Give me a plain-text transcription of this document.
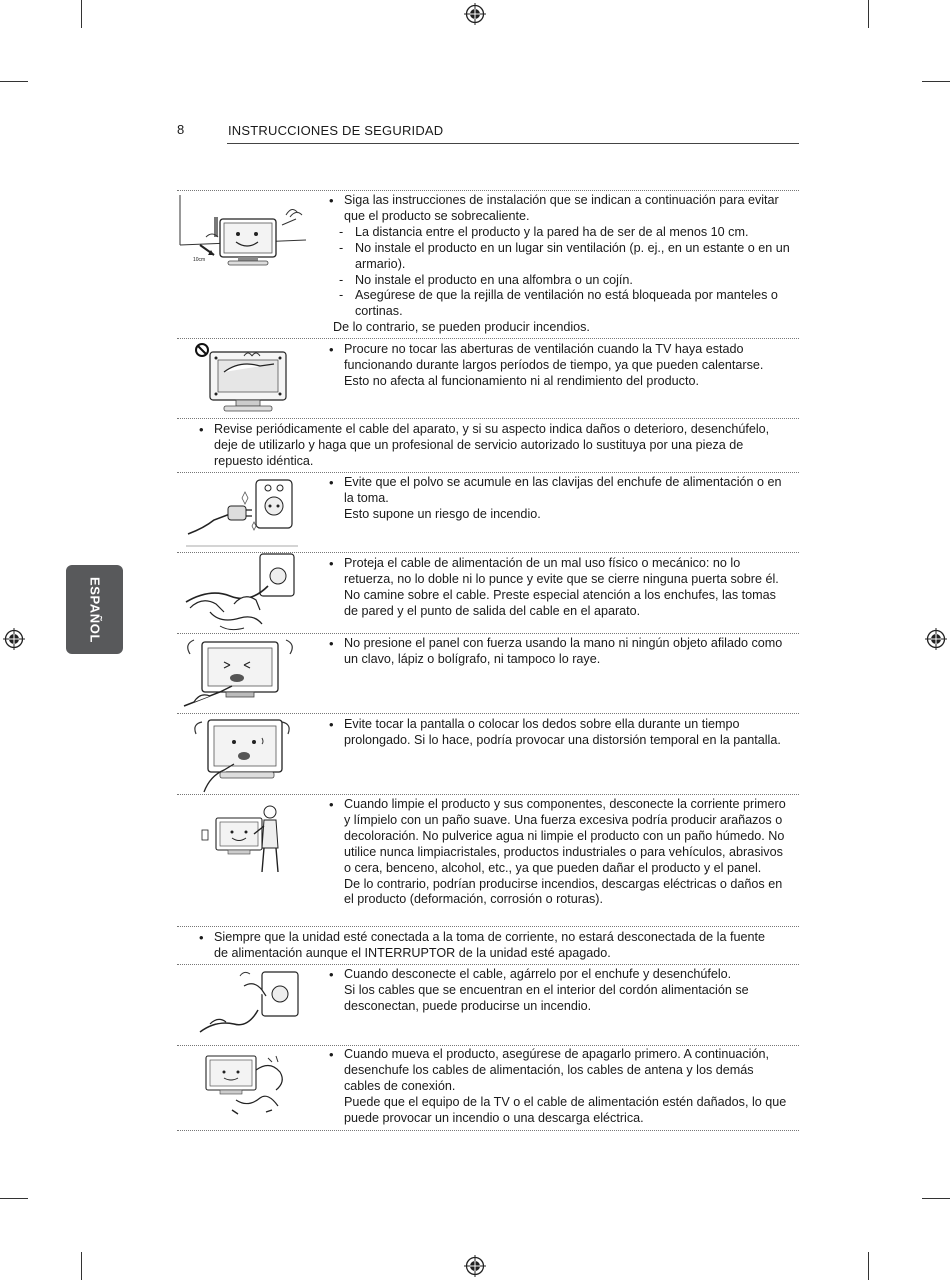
8	INSTRUCCIONES DE SEGURIDAD
ESPAÑOL
10cm
• Siga las instrucciones de instalación que se indican a continuación para evitar que el producto se sobrecaliente.
- La distancia entre el producto y la pared ha de ser de al menos 10 cm.
- No instale el producto en un lugar sin ventilación (p. ej., en un estante o en un armario).
- No instale el producto en una alfombra o un cojín.
- Asegúrese de que la rejilla de ventilación no está bloqueada por manteles o cortinas.
De lo contrario, se pueden producir incendios.
• Procure no tocar las aberturas de ventilación cuando la TV haya estado funcionando durante largos períodos de tiempo, ya que pueden calentarse. Esto no afecta al funcionamiento ni al rendimiento del producto.
• Revise periódicamente el cable del aparato, y si su aspecto indica daños o deterioro, desenchúfelo, deje de utilizarlo y haga que un profesional de servicio autorizado lo sustituya por una pieza de repuesto idéntica.
• Evite que el polvo se acumule en las clavijas del enchufe de alimentación o en la toma.
Esto supone un riesgo de incendio.
• Proteja el cable de alimentación de un mal uso físico o mecánico: no lo retuerza, no lo doble ni lo punce y evite que se cierre ninguna puerta sobre él. No camine sobre el cable. Preste especial atención a los enchufes, las tomas de pared y el punto de salida del cable en el aparato.
• No presione el panel con fuerza usando la mano ni ningún objeto afilado como un clavo, lápiz o bolígrafo, ni tampoco lo raye.
• Evite tocar la pantalla o colocar los dedos sobre ella durante un tiempo prolongado. Si lo hace, podría provocar una distorsión temporal en la pantalla.
• Cuando limpie el producto y sus componentes, desconecte la corriente primero y límpielo con un paño suave. Una fuerza excesiva podría producir arañazos o decoloración. No pulverice agua ni limpie el producto con un paño húmedo. No utilice nunca limpiacristales, productos industriales o para vehículos, abrasivos o cera, benceno, alcohol, etc., ya que pueden dañar el producto y el panel.
De lo contrario, podrían producirse incendios, descargas eléctricas o daños en el producto (deformación, corrosión o roturas).
• Siempre que la unidad esté conectada a la toma de corriente, no estará desconectada de la fuente de alimentación aunque el INTERRUPTOR de la unidad esté apagado.
• Cuando desconecte el cable, agárrelo por el enchufe y desenchúfelo.
Si los cables que se encuentran en el interior del cordón alimentación se desconectan, puede producirse un incendio.
• Cuando mueva el producto, asegúrese de apagarlo primero. A continuación, desenchufe los cables de alimentación, los cables de antena y los demás cables de conexión.
Puede que el equipo de la TV o el cable de alimentación estén dañados, lo que puede provocar un incendio o una descarga eléctrica.
